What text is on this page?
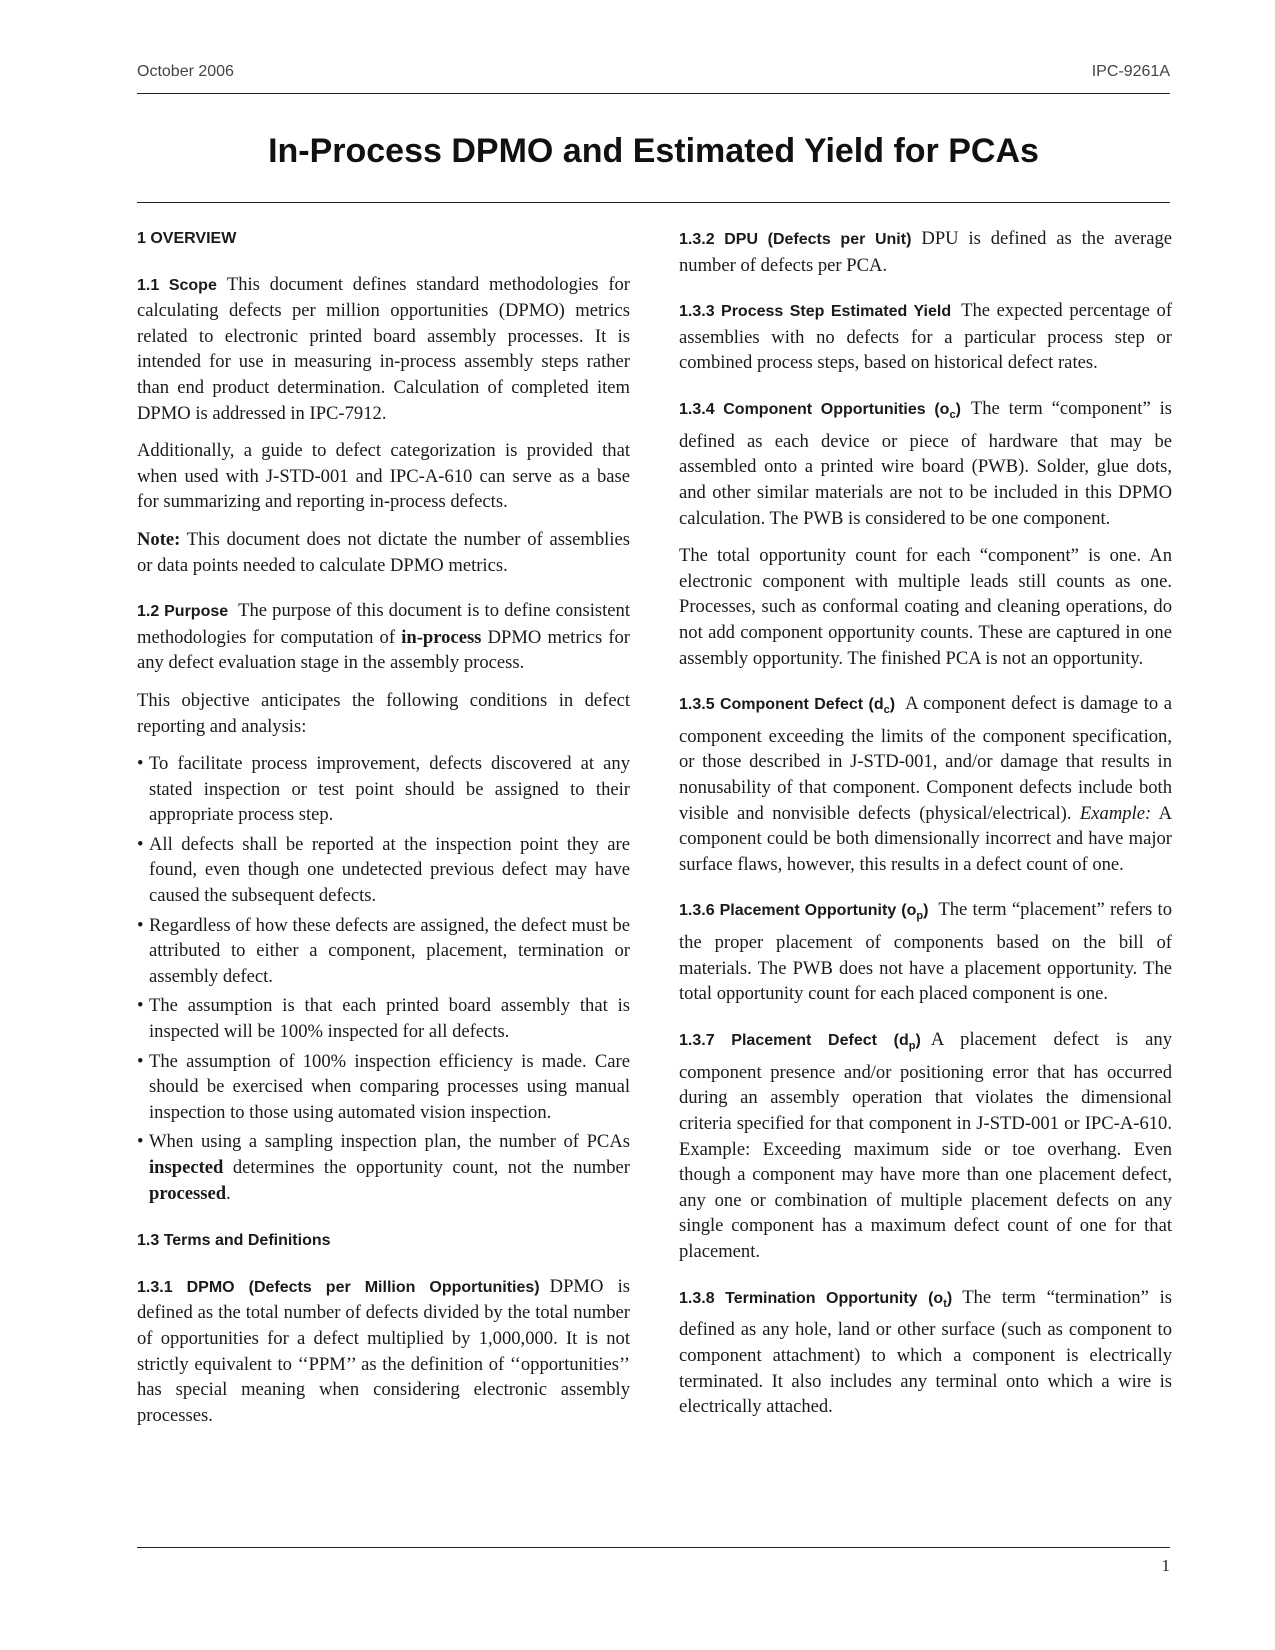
October 2006	IPC-9261A
In-Process DPMO and Estimated Yield for PCAs
1 OVERVIEW

1.1 Scope This document defines standard methodologies for calculating defects per million opportunities (DPMO) metrics related to electronic printed board assembly processes. It is intended for use in measuring in-process assembly steps rather than end product determination. Calculation of completed item DPMO is addressed in IPC-7912.

Additionally, a guide to defect categorization is provided that when used with J-STD-001 and IPC-A-610 can serve as a base for summarizing and reporting in-process defects.

Note: This document does not dictate the number of assemblies or data points needed to calculate DPMO metrics.

1.2 Purpose The purpose of this document is to define consistent methodologies for computation of in-process DPMO metrics for any defect evaluation stage in the assembly process.

This objective anticipates the following conditions in defect reporting and analysis:

• To facilitate process improvement, defects discovered at any stated inspection or test point should be assigned to their appropriate process step.
• All defects shall be reported at the inspection point they are found, even though one undetected previous defect may have caused the subsequent defects.
• Regardless of how these defects are assigned, the defect must be attributed to either a component, placement, termination or assembly defect.
• The assumption is that each printed board assembly that is inspected will be 100% inspected for all defects.
• The assumption of 100% inspection efficiency is made. Care should be exercised when comparing processes using manual inspection to those using automated vision inspection.
• When using a sampling inspection plan, the number of PCAs inspected determines the opportunity count, not the number processed.
1.3 Terms and Definitions

1.3.1 DPMO (Defects per Million Opportunities) DPMO is defined as the total number of defects divided by the total number of opportunities for a defect multiplied by 1,000,000. It is not strictly equivalent to ‘‘PPM’’ as the definition of ‘‘opportunities’’ has special meaning when considering electronic assembly processes.

1.3.2 DPU (Defects per Unit) DPU is defined as the average number of defects per PCA.

1.3.3 Process Step Estimated Yield The expected percentage of assemblies with no defects for a particular process step or combined process steps, based on historical defect rates.

1.3.4 Component Opportunities $(o_c)$ The term “component” is defined as each device or piece of hardware that may be assembled onto a printed wire board (PWB). Solder, glue dots, and other similar materials are not to be included in this DPMO calculation. The PWB is considered to be one component.

The total opportunity count for each “component” is one. An electronic component with multiple leads still counts as one. Processes, such as conformal coating and cleaning operations, do not add component opportunity counts. These are captured in one assembly opportunity. The finished PCA is not an opportunity.

1.3.5 Component Defect $(d_c)$ A component defect is damage to a component exceeding the limits of the component specification, or those described in J-STD-001, and/or damage that results in nonusability of that component. Component defects include both visible and nonvisible defects (physical/electrical). Example: A component could be both dimensionally incorrect and have major surface flaws, however, this results in a defect count of one.

1.3.6 Placement Opportunity $(o_p)$ The term “placement” refers to the proper placement of components based on the bill of materials. The PWB does not have a placement opportunity. The total opportunity count for each placed component is one.

1.3.7 Placement Defect $(d_p)$ A placement defect is any component presence and/or positioning error that has occurred during an assembly operation that violates the dimensional criteria specified for that component in J-STD-001 or IPC-A-610. Example: Exceeding maximum side or toe overhang. Even though a component may have more than one placement defect, any one or combination of multiple placement defects on any single component has a maximum defect count of one for that placement.

1.3.8 Termination Opportunity $(o_t)$ The term “termination” is defined as any hole, land or other surface (such as component to component attachment) to which a component is electrically terminated. It also includes any terminal onto which a wire is electrically attached.

1
